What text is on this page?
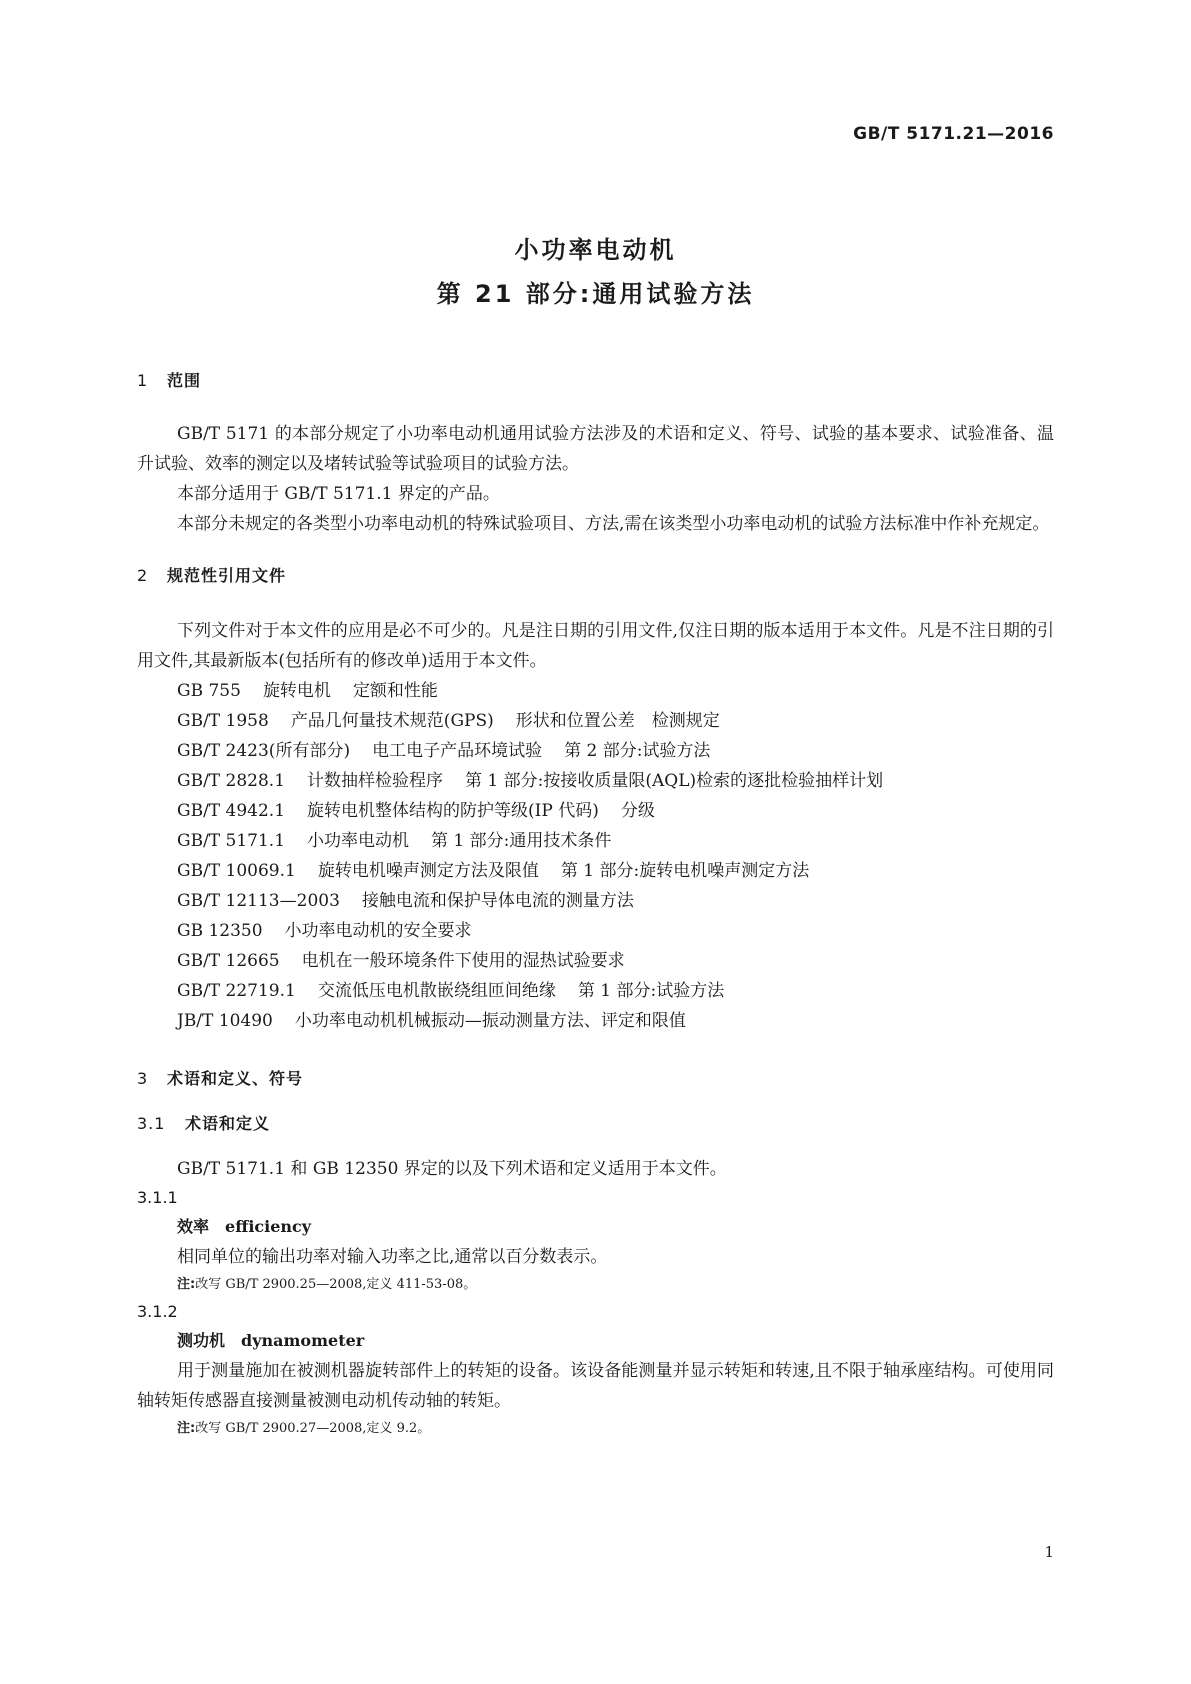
GB/T 5171.21—2016
小功率电动机
第 21 部分:通用试验方法
1 范围

GB/T 5171 的本部分规定了小功率电动机通用试验方法涉及的术语和定义、符号、试验的基本要求、试验准备、温升试验、效率的测定以及堵转试验等试验项目的试验方法。

本部分适用于 GB/T 5171.1 界定的产品。

本部分未规定的各类型小功率电动机的特殊试验项目、方法,需在该类型小功率电动机的试验方法标准中作补充规定。

2 规范性引用文件

下列文件对于本文件的应用是必不可少的。凡是注日期的引用文件,仅注日期的版本适用于本文件。凡是不注日期的引用文件,其最新版本(包括所有的修改单)适用于本文件。

GB 755 旋转电机 定额和性能
GB/T 1958 产品几何量技术规范(GPS) 形状和位置公差　检测规定
GB/T 2423(所有部分) 电工电子产品环境试验 第 2 部分:试验方法
GB/T 2828.1 计数抽样检验程序 第 1 部分:按接收质量限(AQL)检索的逐批检验抽样计划
GB/T 4942.1 旋转电机整体结构的防护等级(IP 代码) 分级
GB/T 5171.1 小功率电动机 第 1 部分:通用技术条件
GB/T 10069.1 旋转电机噪声测定方法及限值 第 1 部分:旋转电机噪声测定方法
GB/T 12113—2003 接触电流和保护导体电流的测量方法
GB 12350 小功率电动机的安全要求
GB/T 12665 电机在一般环境条件下使用的湿热试验要求
GB/T 22719.1 交流低压电机散嵌绕组匝间绝缘 第 1 部分:试验方法
JB/T 10490 小功率电动机机械振动—振动测量方法、评定和限值
3 术语和定义、符号
3.1 术语和定义

GB/T 5171.1 和 GB 12350 界定的以及下列术语和定义适用于本文件。

3.1.1
效率 efficiency

相同单位的输出功率对输入功率之比,通常以百分数表示。

注:改写 GB/T 2900.25—2008,定义 411-53-08。
3.1.2
测功机 dynamometer

用于测量施加在被测机器旋转部件上的转矩的设备。该设备能测量并显示转矩和转速,且不限于轴承座结构。可使用同轴转矩传感器直接测量被测电动机传动轴的转矩。

注:改写 GB/T 2900.27—2008,定义 9.2。
1
